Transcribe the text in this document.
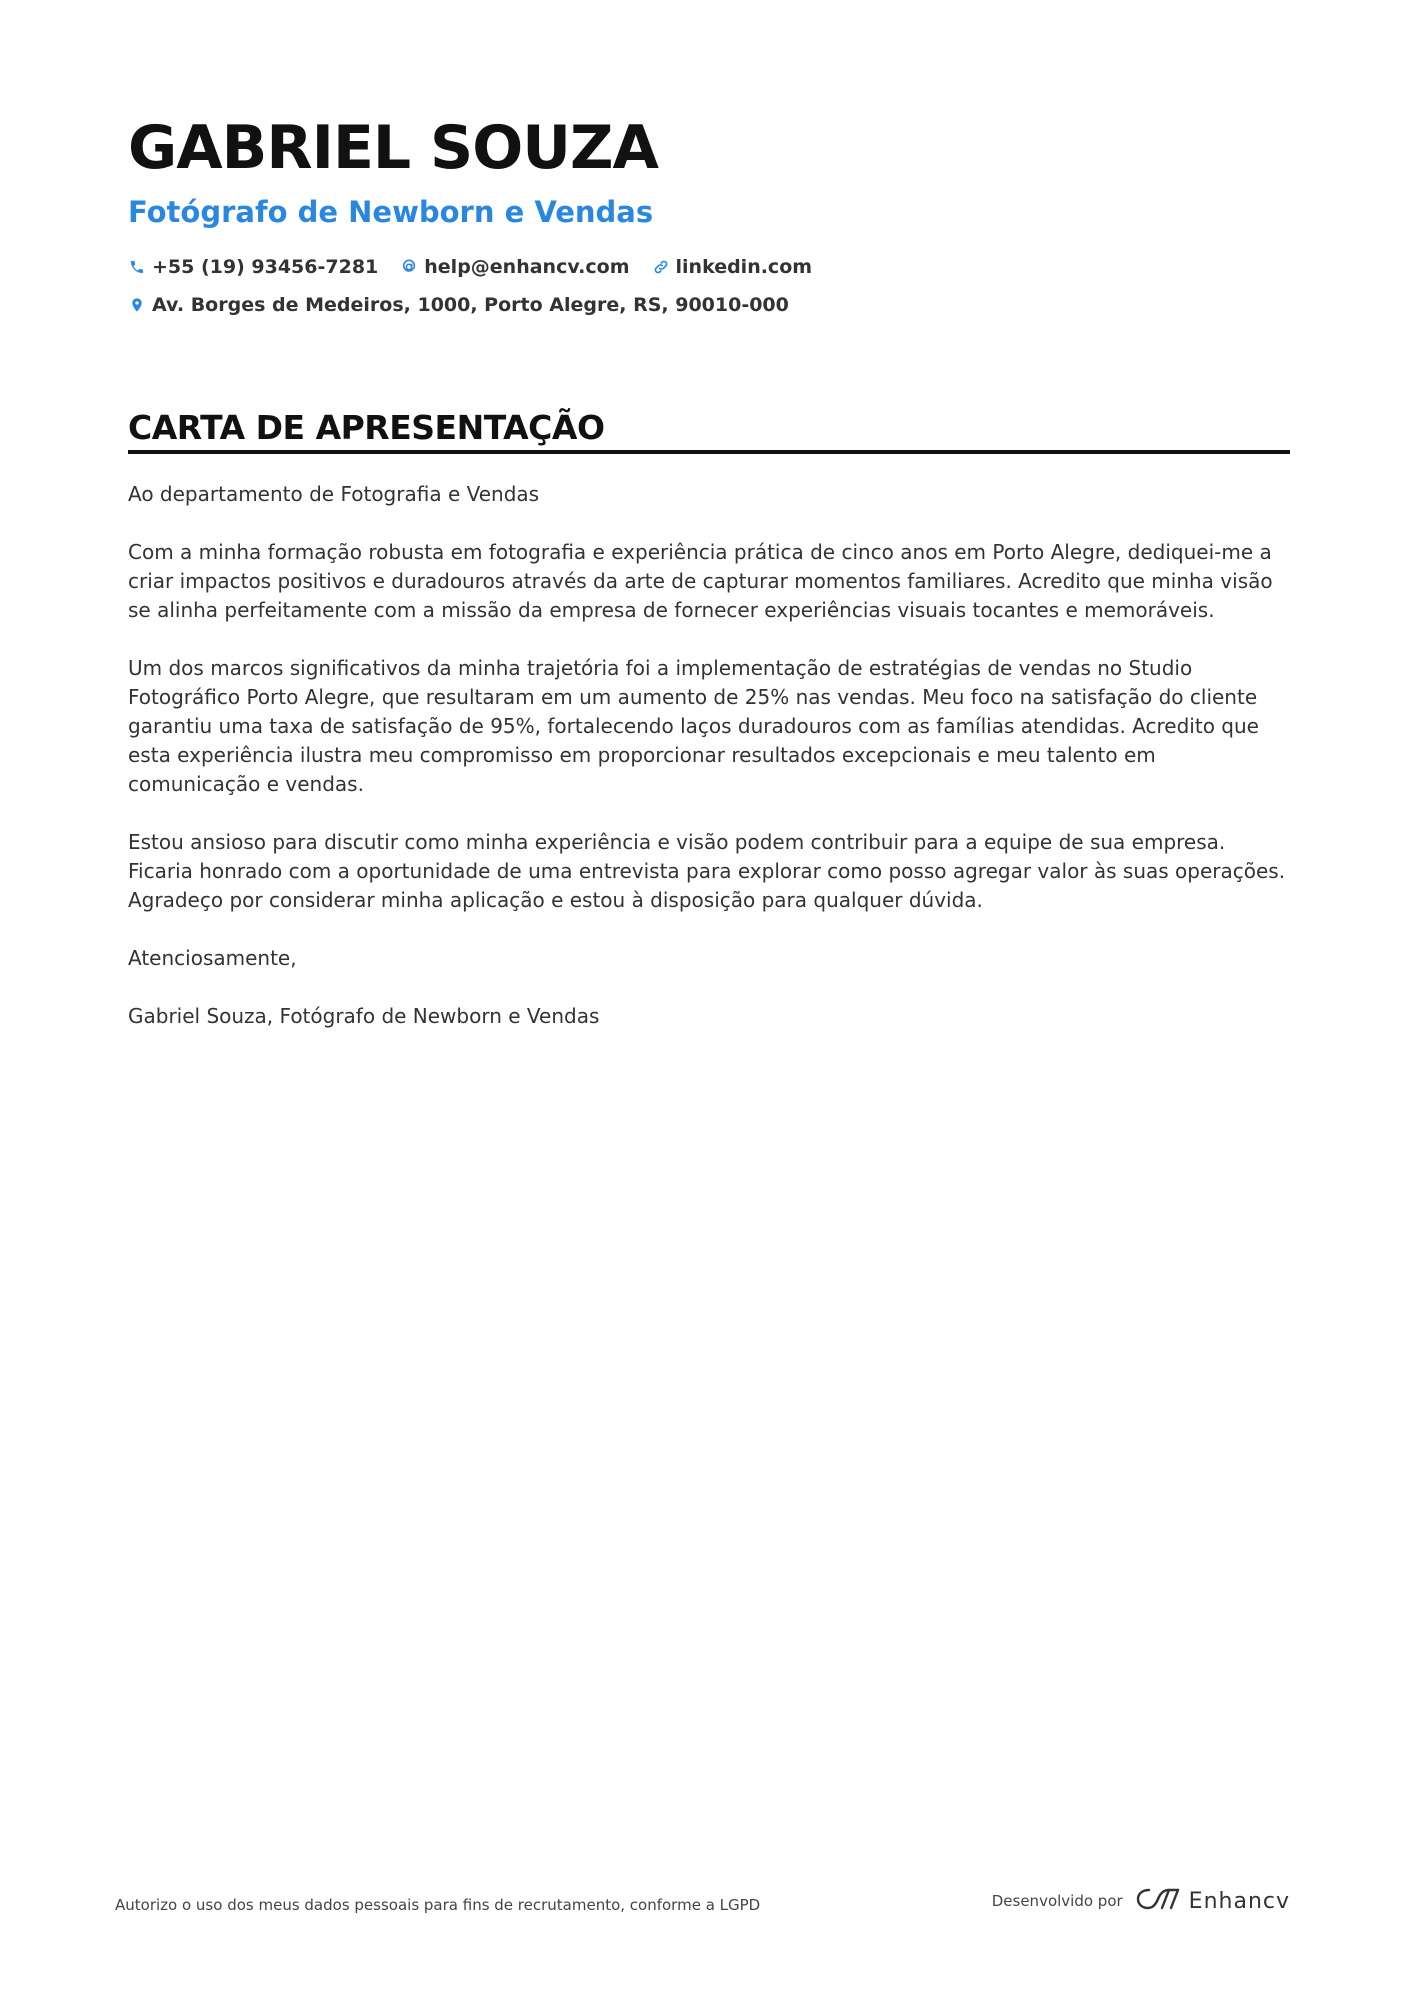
GABRIEL SOUZA
Fotógrafo de Newborn e Vendas
+55 (19) 93456-7281 help@enhancv.com linkedin.com
Av. Borges de Medeiros, 1000, Porto Alegre, RS, 90010-000
CARTA DE APRESENTAÇÃO

Ao departamento de Fotografia e Vendas

Com a minha formação robusta em fotografia e experiência prática de cinco anos em Porto Alegre, dediquei-me a criar impactos positivos e duradouros através da arte de capturar momentos familiares. Acredito que minha visão se alinha perfeitamente com a missão da empresa de fornecer experiências visuais tocantes e memoráveis.

Um dos marcos significativos da minha trajetória foi a implementação de estratégias de vendas no Studio Fotográfico Porto Alegre, que resultaram em um aumento de 25% nas vendas. Meu foco na satisfação do cliente garantiu uma taxa de satisfação de 95%, fortalecendo laços duradouros com as famílias atendidas. Acredito que esta experiência ilustra meu compromisso em proporcionar resultados excepcionais e meu talento em comunicação e vendas.

Estou ansioso para discutir como minha experiência e visão podem contribuir para a equipe de sua empresa. Ficaria honrado com a oportunidade de uma entrevista para explorar como posso agregar valor às suas operações. Agradeço por considerar minha aplicação e estou à disposição para qualquer dúvida.

Atenciosamente,

Gabriel Souza, Fotógrafo de Newborn e Vendas

Autorizo o uso dos meus dados pessoais para fins de recrutamento, conforme a LGPD	Desenvolvido por	Enhancv
